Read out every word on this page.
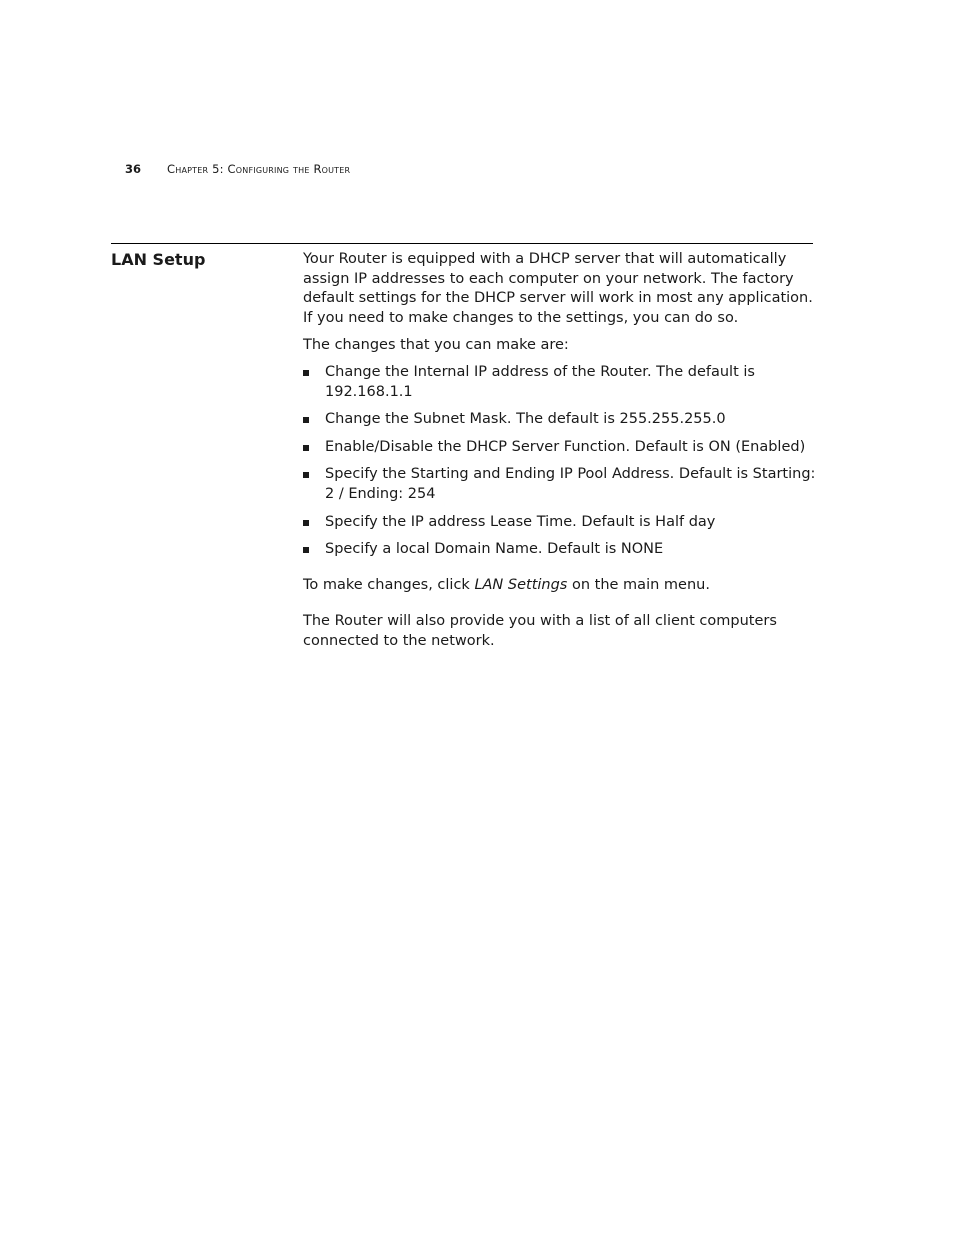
36 Chapter 5: Configuring the Router
LAN Setup	Your Router is equipped with a DHCP server that will automatically assign IP addresses to each computer on your network. The factory default settings for the DHCP server will work in most any application. If you need to make changes to the settings, you can do so.

The changes that you can make are:

Change the Internal IP address of the Router. The default is 192.168.1.1
Change the Subnet Mask. The default is 255.255.255.0
Enable/Disable the DHCP Server Function. Default is ON (Enabled)
Specify the Starting and Ending IP Pool Address. Default is Starting: 2 / Ending: 254
Specify the IP address Lease Time. Default is Half day
Specify a local Domain Name. Default is NONE

To make changes, click LAN Settings on the main menu.

The Router will also provide you with a list of all client computers connected to the network.
